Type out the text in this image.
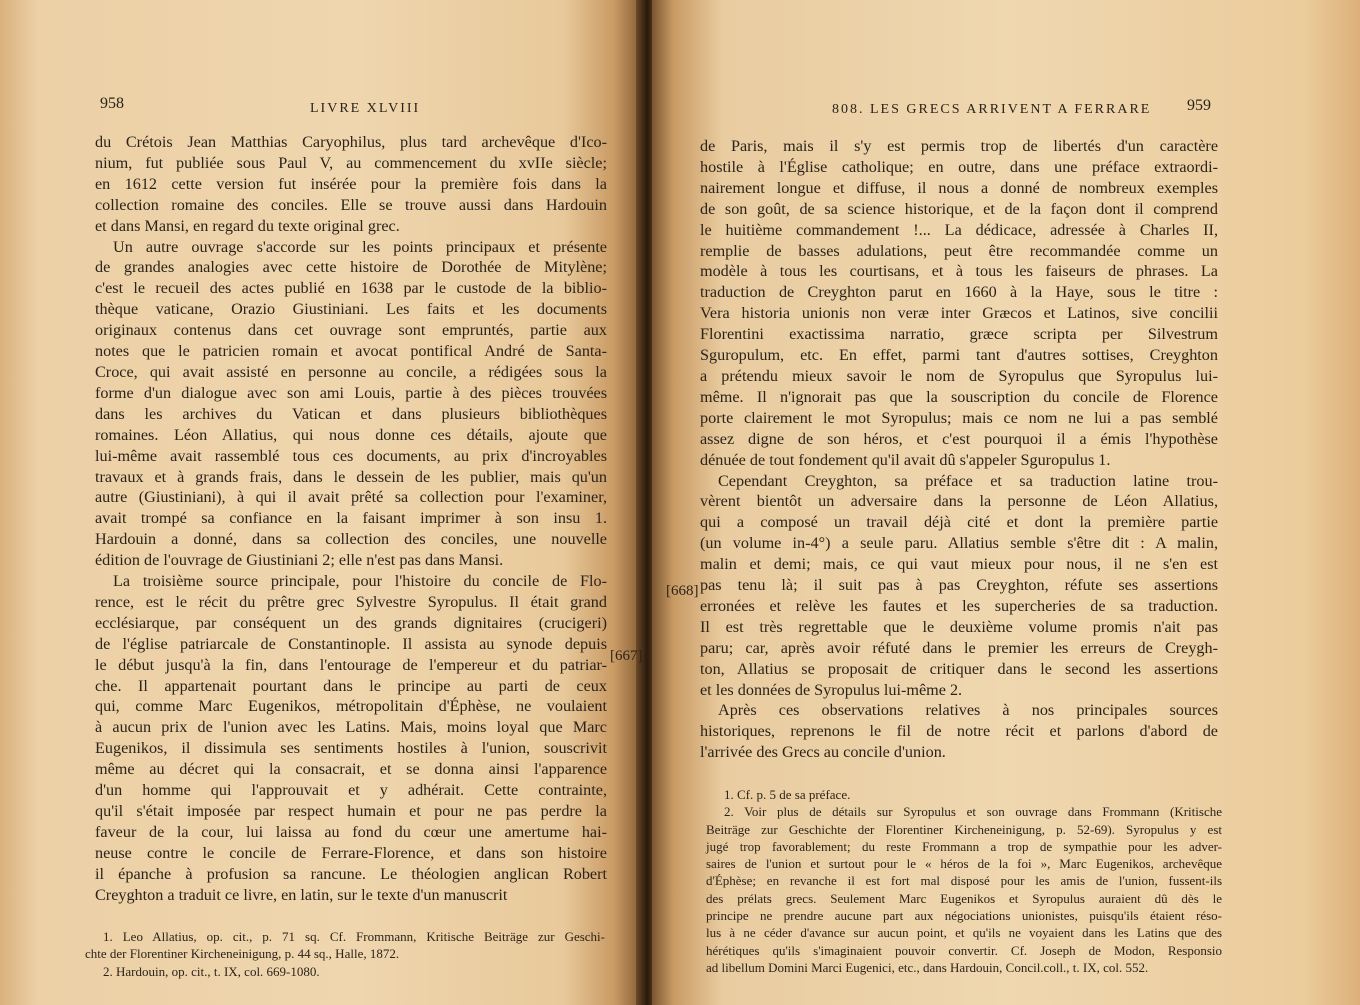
958	LIVRE XLVIII
du Crétois Jean Matthias Caryophilus, plus tard archevêque d'Ico-
nium, fut publiée sous Paul V, au commencement du xvIIe siècle;
en 1612 cette version fut insérée pour la première fois dans la
collection romaine des conciles. Elle se trouve aussi dans Hardouin
et dans Mansi, en regard du texte original grec.
Un autre ouvrage s'accorde sur les points principaux et présente
de grandes analogies avec cette histoire de Dorothée de Mitylène;
c'est le recueil des actes publié en 1638 par le custode de la biblio-
thèque vaticane, Orazio Giustiniani. Les faits et les documents
originaux contenus dans cet ouvrage sont empruntés, partie aux
notes que le patricien romain et avocat pontifical André de Santa-
Croce, qui avait assisté en personne au concile, a rédigées sous la
forme d'un dialogue avec son ami Louis, partie à des pièces trouvées
dans les archives du Vatican et dans plusieurs bibliothèques
romaines. Léon Allatius, qui nous donne ces détails, ajoute que
lui-même avait rassemblé tous ces documents, au prix d'incroyables
travaux et à grands frais, dans le dessein de les publier, mais qu'un
autre (Giustiniani), à qui il avait prêté sa collection pour l'examiner,
avait trompé sa confiance en la faisant imprimer à son insu 1.
Hardouin a donné, dans sa collection des conciles, une nouvelle
édition de l'ouvrage de Giustiniani 2; elle n'est pas dans Mansi.
La troisième source principale, pour l'histoire du concile de Flo-
rence, est le récit du prêtre grec Sylvestre Syropulus. Il était grand
ecclésiarque, par conséquent un des grands dignitaires (crucigeri)
de l'église patriarcale de Constantinople. Il assista au synode depuis
le début jusqu'à la fin, dans l'entourage de l'empereur et du patriar-
che. Il appartenait pourtant dans le principe au parti de ceux
qui, comme Marc Eugenikos, métropolitain d'Éphèse, ne voulaient
à aucun prix de l'union avec les Latins. Mais, moins loyal que Marc
Eugenikos, il dissimula ses sentiments hostiles à l'union, souscrivit
même au décret qui la consacrait, et se donna ainsi l'apparence
d'un homme qui l'approuvait et y adhérait. Cette contrainte,
qu'il s'était imposée par respect humain et pour ne pas perdre la
faveur de la cour, lui laissa au fond du cœur une amertume hai-
neuse contre le concile de Ferrare-Florence, et dans son histoire
il épanche à profusion sa rancune. Le théologien anglican Robert
Creyghton a traduit ce livre, en latin, sur le texte d'un manuscrit
1. Leo Allatius, op. cit., p. 71 sq. Cf. Frommann, Kritische Beiträge zur Geschi-
chte der Florentiner Kircheneinigung, p. 44 sq., Halle, 1872.
2. Hardouin, op. cit., t. IX, col. 669-1080.
[667]
808. LES GRECS ARRIVENT A FERRARE 959
de Paris, mais il s'y est permis trop de libertés d'un caractère
hostile à l'Église catholique; en outre, dans une préface extraordi-
nairement longue et diffuse, il nous a donné de nombreux exemples
de son goût, de sa science historique, et de la façon dont il comprend
le huitième commandement !... La dédicace, adressée à Charles II,
remplie de basses adulations, peut être recommandée comme un
modèle à tous les courtisans, et à tous les faiseurs de phrases. La
traduction de Creyghton parut en 1660 à la Haye, sous le titre :
Vera historia unionis non veræ inter Græcos et Latinos, sive concilii
Florentini exactissima narratio, græce scripta per Silvestrum
Sguropulum, etc. En effet, parmi tant d'autres sottises, Creyghton
a prétendu mieux savoir le nom de Syropulus que Syropulus lui-
même. Il n'ignorait pas que la souscription du concile de Florence
porte clairement le mot Syropulus; mais ce nom ne lui a pas semblé
assez digne de son héros, et c'est pourquoi il a émis l'hypothèse
dénuée de tout fondement qu'il avait dû s'appeler Sguropulus 1.
Cependant Creyghton, sa préface et sa traduction latine trou-
vèrent bientôt un adversaire dans la personne de Léon Allatius,
qui a composé un travail déjà cité et dont la première partie
(un volume in-4°) a seule paru. Allatius semble s'être dit : A malin,
malin et demi; mais, ce qui vaut mieux pour nous, il ne s'en est
pas tenu là; il suit pas à pas Creyghton, réfute ses assertions
erronées et relève les fautes et les supercheries de sa traduction.
Il est très regrettable que le deuxième volume promis n'ait pas
paru; car, après avoir réfuté dans le premier les erreurs de Creygh-
ton, Allatius se proposait de critiquer dans le second les assertions
et les données de Syropulus lui-même 2.
Après ces observations relatives à nos principales sources
historiques, reprenons le fil de notre récit et parlons d'abord de
l'arrivée des Grecs au concile d'union.
1. Cf. p. 5 de sa préface.
2. Voir plus de détails sur Syropulus et son ouvrage dans Frommann (Kritische
Beiträge zur Geschichte der Florentiner Kircheneinigung, p. 52-69). Syropulus y est
jugé trop favorablement; du reste Frommann a trop de sympathie pour les adver-
saires de l'union et surtout pour le « héros de la foi », Marc Eugenikos, archevêque
d'Éphèse; en revanche il est fort mal disposé pour les amis de l'union, fussent-ils
des prélats grecs. Seulement Marc Eugenikos et Syropulus auraient dû dès le
principe ne prendre aucune part aux négociations unionistes, puisqu'ils étaient réso-
lus à ne céder d'avance sur aucun point, et qu'ils ne voyaient dans les Latins que des
hérétiques qu'ils s'imaginaient pouvoir convertir. Cf. Joseph de Modon, Responsio
ad libellum Domini Marci Eugenici, etc., dans Hardouin, Concil.coll., t. IX, col. 552.
[668]
